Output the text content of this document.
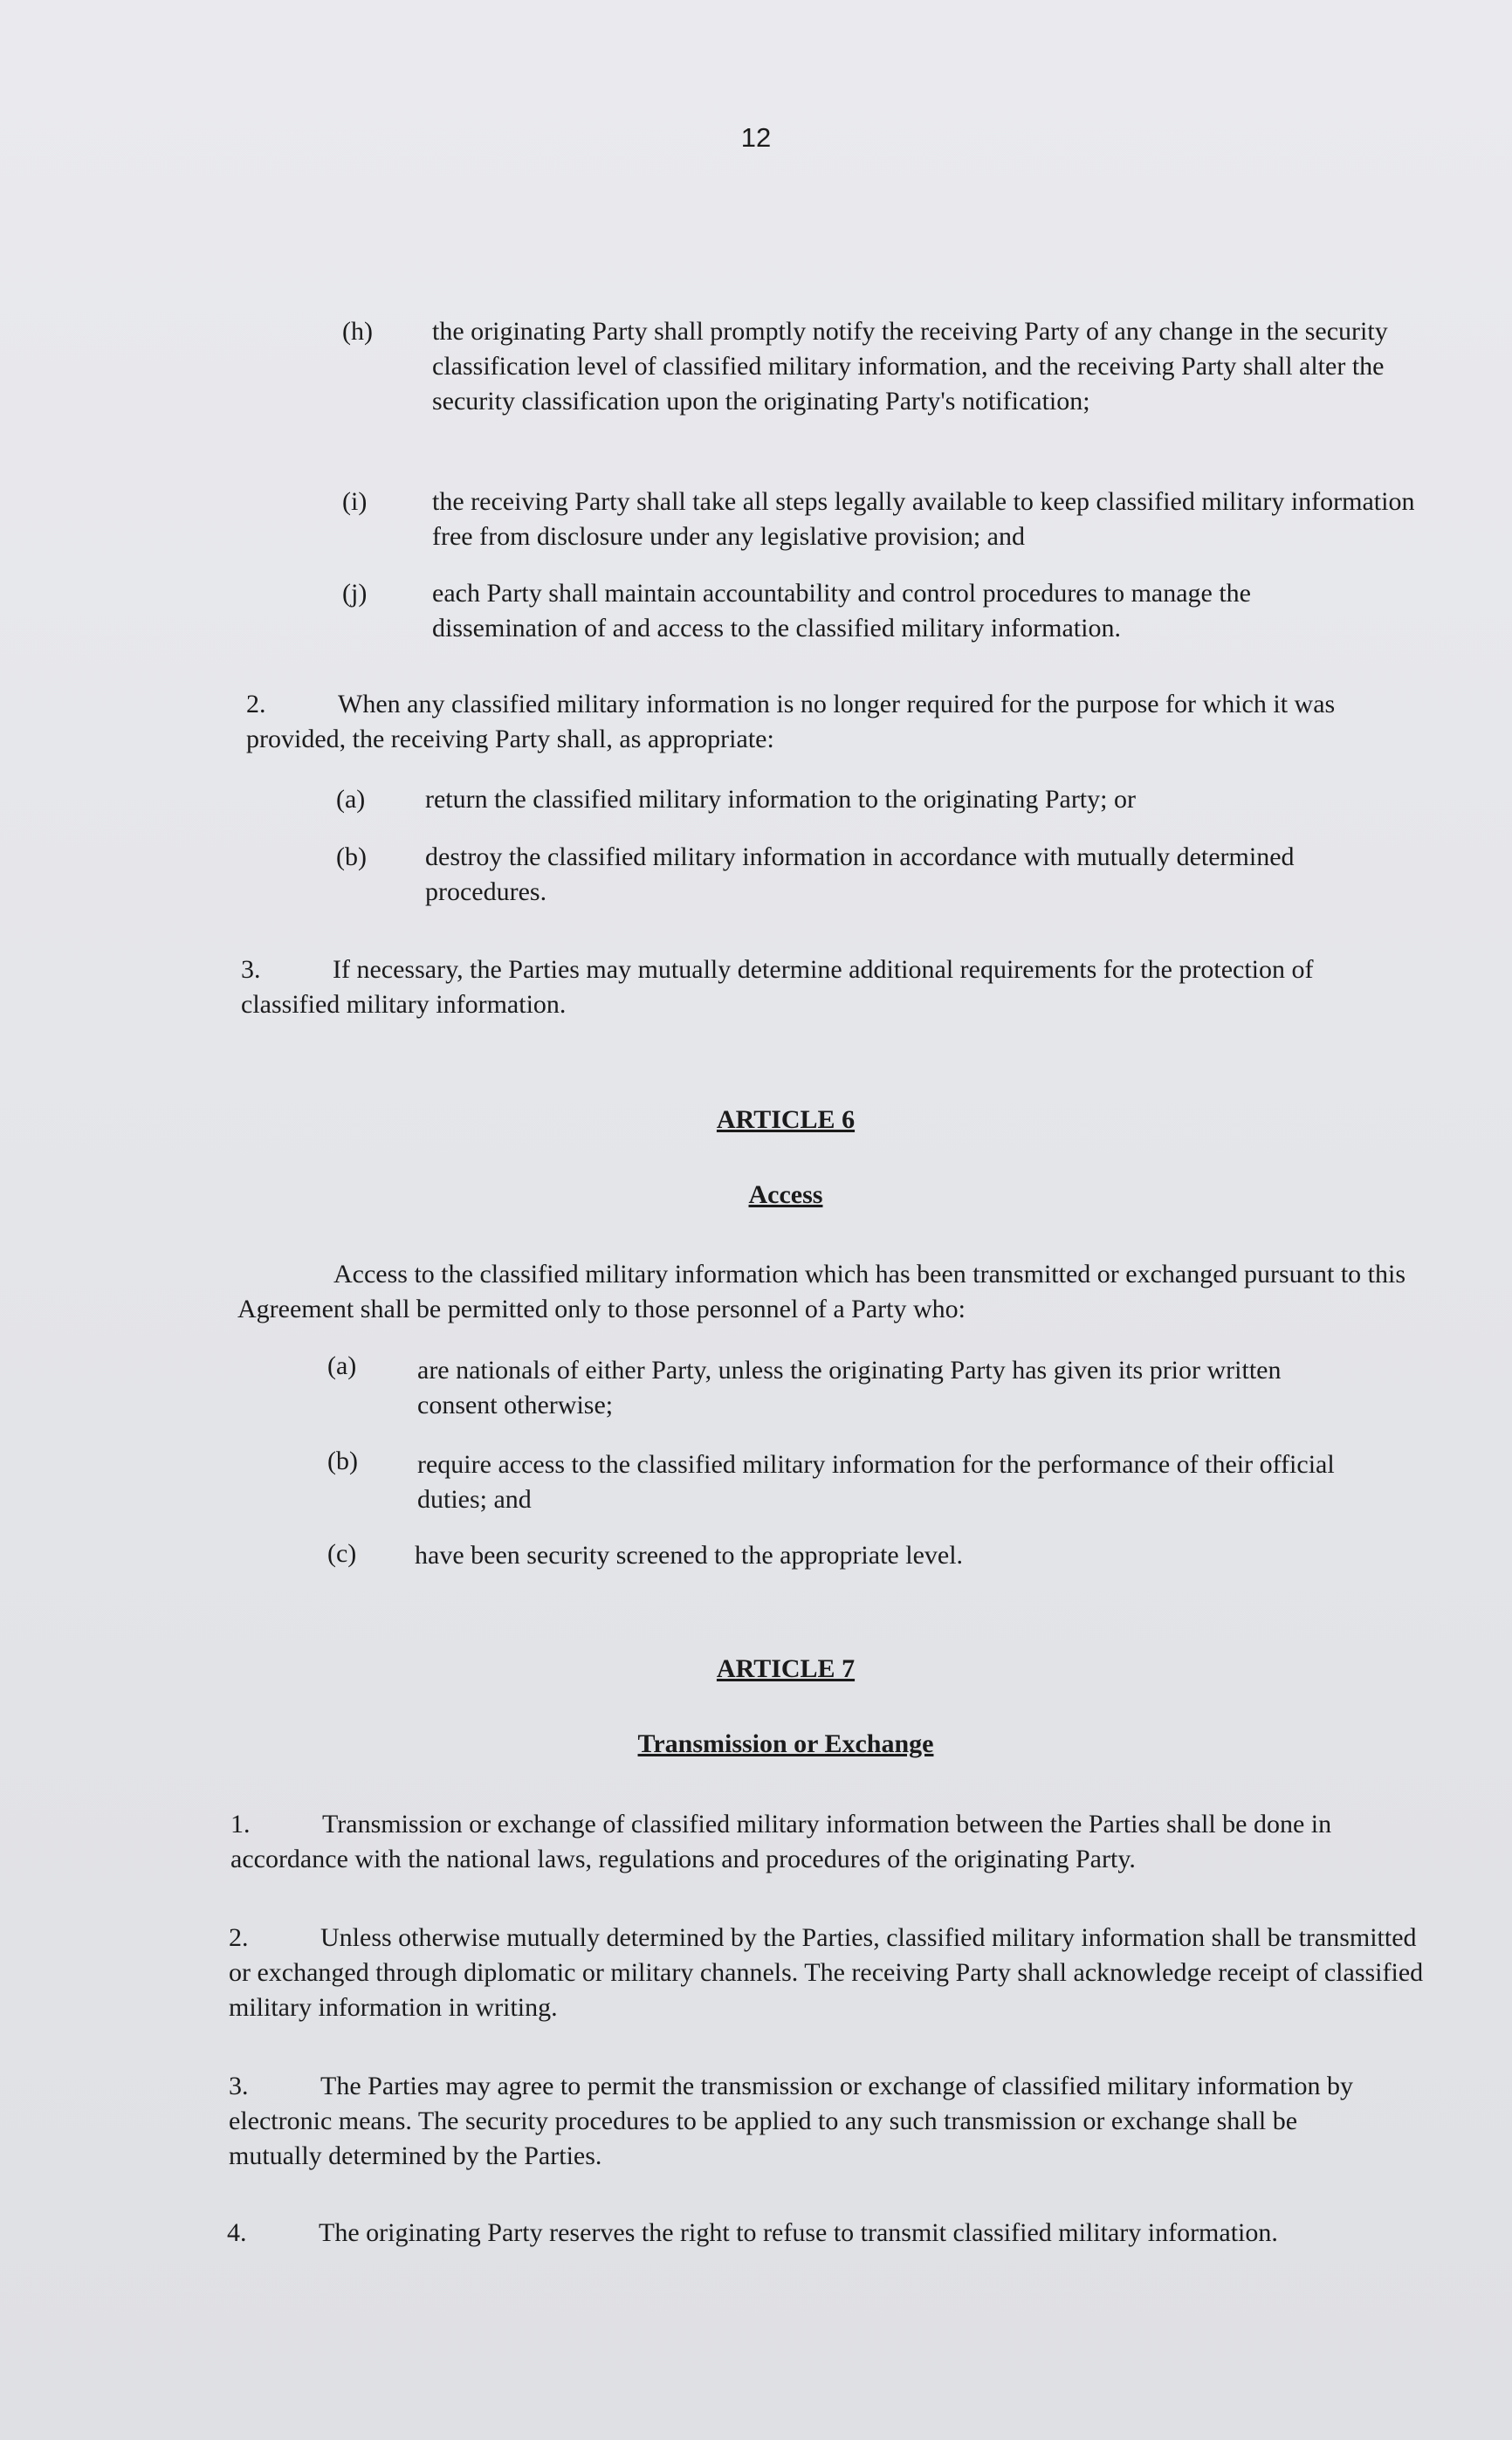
12
(h) the originating Party shall promptly notify the receiving Party of any change in the security classification level of classified military information, and the receiving Party shall alter the security classification upon the originating Party's notification;
(i) the receiving Party shall take all steps legally available to keep classified military information free from disclosure under any legislative provision; and
(j) each Party shall maintain accountability and control procedures to manage the dissemination of and access to the classified military information.
2.	When any classified military information is no longer required for the purpose for which it was provided, the receiving Party shall, as appropriate:
(a) return the classified military information to the originating Party; or
(b) destroy the classified military information in accordance with mutually determined procedures.
3.	If necessary, the Parties may mutually determine additional requirements for the protection of classified military information.
ARTICLE 6
Access
Access to the classified military information which has been transmitted or exchanged pursuant to this Agreement shall be permitted only to those personnel of a Party who:
(a) are nationals of either Party, unless the originating Party has given its prior written consent otherwise;
(b) require access to the classified military information for the performance of their official duties; and
(c) have been security screened to the appropriate level.
ARTICLE 7
Transmission or Exchange
1.	Transmission or exchange of classified military information between the Parties shall be done in accordance with the national laws, regulations and procedures of the originating Party.
2.	Unless otherwise mutually determined by the Parties, classified military information shall be transmitted or exchanged through diplomatic or military channels. The receiving Party shall acknowledge receipt of classified military information in writing.
3.	The Parties may agree to permit the transmission or exchange of classified military information by electronic means. The security procedures to be applied to any such transmission or exchange shall be mutually determined by the Parties.
4.	The originating Party reserves the right to refuse to transmit classified military information.
